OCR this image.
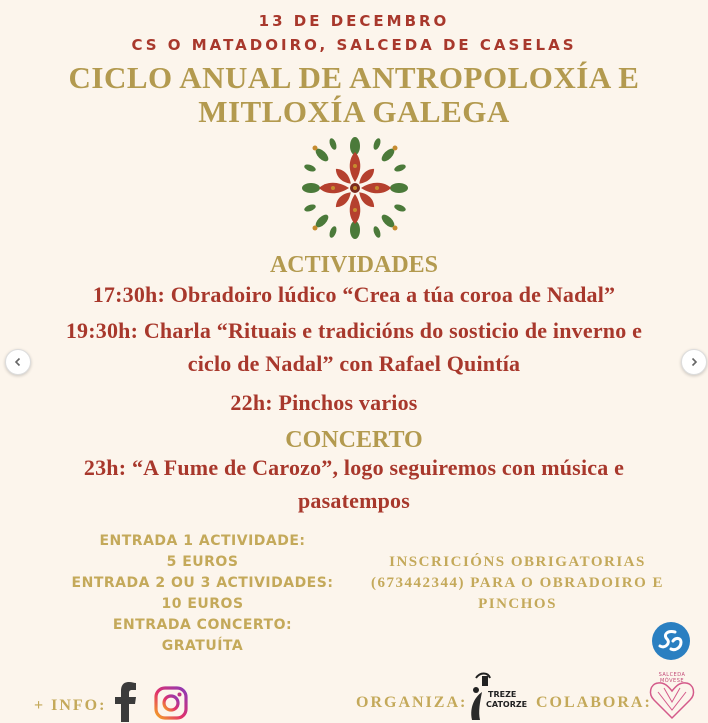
13 DE DECEMBRO
CS O MATADOIRO, SALCEDA DE CASELAS
CICLO ANUAL DE ANTROPOLOXÍA E
MITLOXÍA GALEGA
ACTIVIDADES
17:30h: Obradoiro lúdico “Crea a túa coroa de Nadal”
19:30h: Charla “Rituais e tradicións do sosticio de inverno e
ciclo de Nadal” con Rafael Quintía
22h: Pinchos varios
CONCERTO
23h: “A Fume de Carozo”, logo seguiremos con música e
pasatempos
ENTRADA 1 ACTIVIDADE:
5 EUROS
ENTRADA 2 OU 3 ACTIVIDADES:
10 EUROS
ENTRADA CONCERTO:
GRATUÍTA
INSCRICIÓNS OBRIGATORIAS
(673442344) PARA O OBRADOIRO E
PINCHOS
+ INFO:	ORGANIZA:	TREZE
CATORZE COLABORA:
SALCEDA MÓVESE
